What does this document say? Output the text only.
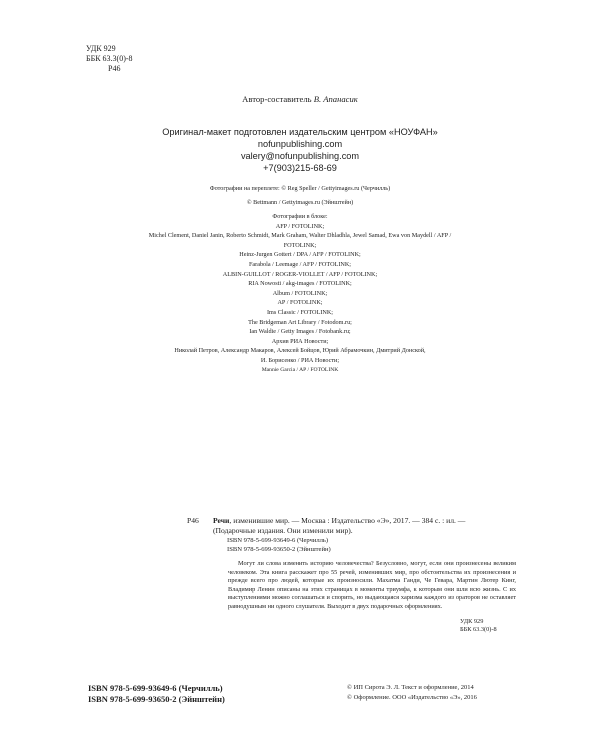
УДК 929
ББК 63.3(0)-8
Р46
Автор-составитель В. Апанасик
Оригинал-макет подготовлен издательским центром «НОУФАН»
nofunpublishing.com
valery@nofunpublishing.com
+7(903)215-68-69
Фотографии на переплете: © Reg Speller / Gettyimages.ru (Черчилль)
© Bettmann / Gettyimages.ru (Эйнштейн)
Фотографии в блоке:
AFP / FOTOLINK;
Michel Clement, Daniel Janin, Roberto Schmidt, Mark Graham, Walter Dhladhla, Jewel Samad, Ewa von Maydell / AFP /
FOTOLINK;
Heinz-Jurgen Gottert / DPA / AFP / FOTOLINK;
Farabola / Leemage / AFP / FOTOLINK;
ALBIN-GUILLOT / ROGER-VIOLLET / AFP / FOTOLINK;
RIA Nowosti / akg-images / FOTOLINK;
Album / FOTOLINK;
AP / FOTOLINK;
Ims Classic / FOTOLINK;
The Bridgeman Art Library / Fotodom.ru;
Ian Waldie / Getty Images / Fotobank.ru;
Архив РИА Новости;
Николай Петров, Александр Макаров, Алексей Бойцов, Юрий Абрамочкин, Дмитрий Донской,
И. Борисенко / РИА Новости;
Mannie Garcia / AP / FOTOLINK
Р46	Речи, изменившие мир. — Москва : Издательство «Э», 2017. — 384 с. : ил. —
(Подарочные издания. Они изменили мир).
ISBN 978-5-699-93649-6 (Черчилль)
ISBN 978-5-699-93650-2 (Эйнштейн)
Могут ли слова изменить историю человечества? Безусловно, могут, если они произнесены великим человеком. Эта книга расскажет про 55 речей, изменивших мир, про обстоятельства их произнесения и прежде всего про людей, которые их произносили. Махатма Ганди, Че Гевара, Мартин Лютер Кинг, Владимир Ленин описаны на этих страницах в моменты триумфа, к которым они шли всю жизнь. С их выступлениями можно соглашаться и спорить, но выдающаяся харизма каждого из ораторов не оставляет равнодушным ни одного слушателя. Выходит в двух подарочных оформлениях.
УДК 929
ББК 63.3(0)-8
ISBN 978-5-699-93649-6 (Черчилль)
ISBN 978-5-699-93650-2 (Эйнштейн)
© ИП Сирота Э. Л. Текст и оформление, 2014
© Оформление. ООО «Издательство «Э», 2016
